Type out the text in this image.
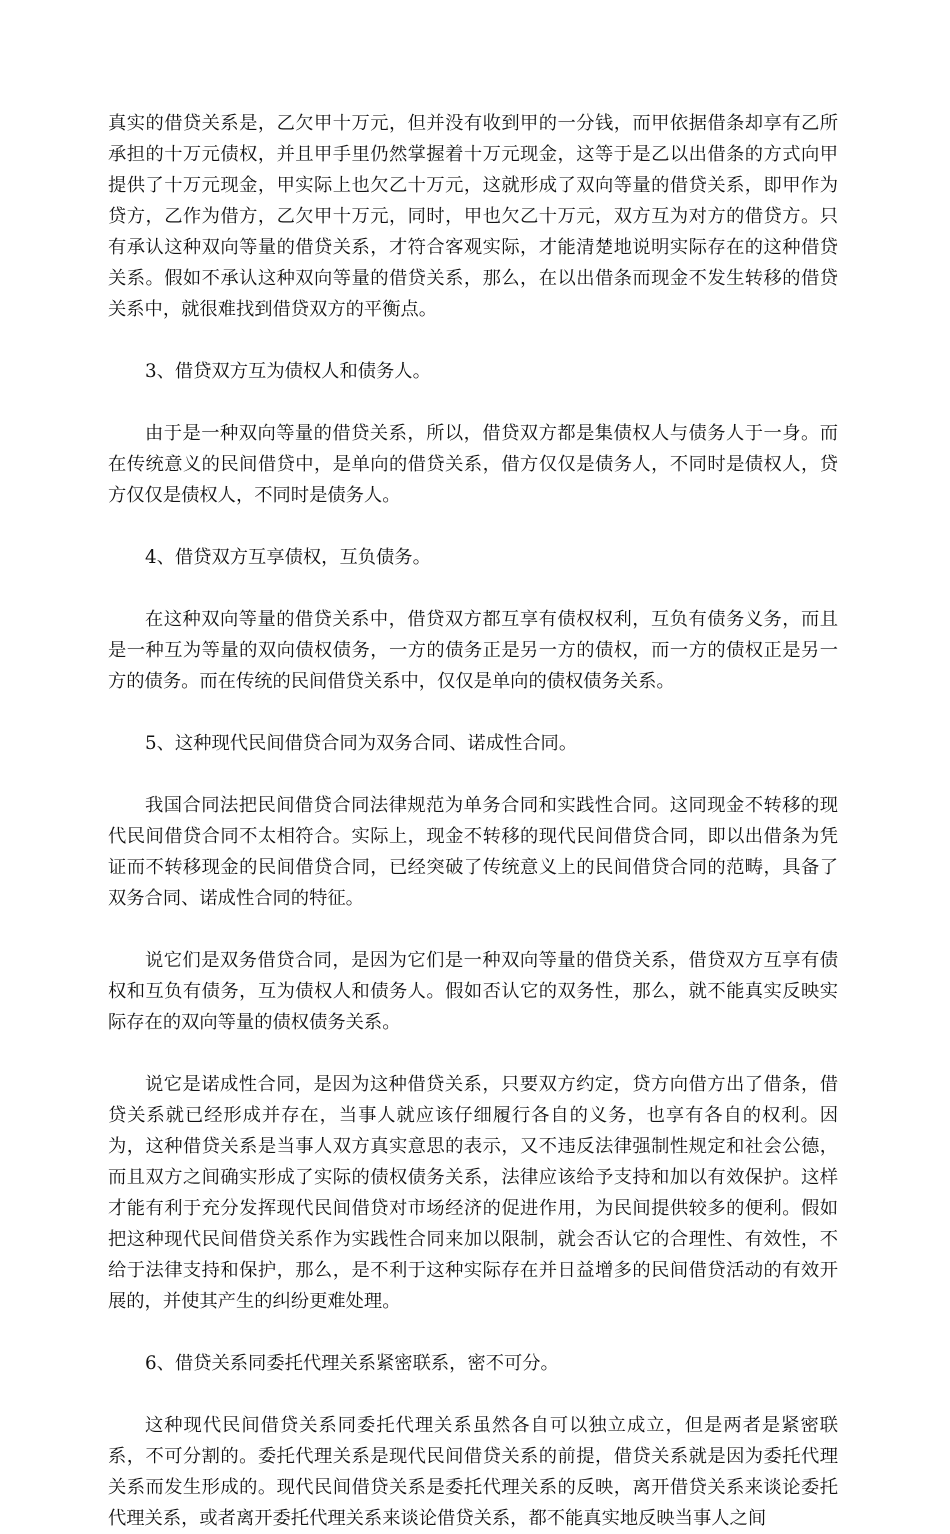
真实的借贷关系是，乙欠甲十万元，但并没有收到甲的一分钱，而甲依据借条却享有乙所承担的十万元债权，并且甲手里仍然掌握着十万元现金，这等于是乙以出借条的方式向甲提供了十万元现金，甲实际上也欠乙十万元，这就形成了双向等量的借贷关系，即甲作为贷方，乙作为借方，乙欠甲十万元，同时，甲也欠乙十万元，双方互为对方的借贷方。只有承认这种双向等量的借贷关系，才符合客观实际，才能清楚地说明实际存在的这种借贷关系。假如不承认这种双向等量的借贷关系，那么，在以出借条而现金不发生转移的借贷关系中，就很难找到借贷双方的平衡点。

3、借贷双方互为债权人和债务人。

由于是一种双向等量的借贷关系，所以，借贷双方都是集债权人与债务人于一身。而在传统意义的民间借贷中，是单向的借贷关系，借方仅仅是债务人，不同时是债权人，贷方仅仅是债权人，不同时是债务人。

4、借贷双方互享债权，互负债务。

在这种双向等量的借贷关系中，借贷双方都互享有债权权利，互负有债务义务，而且是一种互为等量的双向债权债务，一方的债务正是另一方的债权，而一方的债权正是另一方的债务。而在传统的民间借贷关系中，仅仅是单向的债权债务关系。

5、这种现代民间借贷合同为双务合同、诺成性合同。

我国合同法把民间借贷合同法律规范为单务合同和实践性合同。这同现金不转移的现代民间借贷合同不太相符合。实际上，现金不转移的现代民间借贷合同，即以出借条为凭证而不转移现金的民间借贷合同，已经突破了传统意义上的民间借贷合同的范畴，具备了双务合同、诺成性合同的特征。

说它们是双务借贷合同，是因为它们是一种双向等量的借贷关系，借贷双方互享有债权和互负有债务，互为债权人和债务人。假如否认它的双务性，那么，就不能真实反映实际存在的双向等量的债权债务关系。

说它是诺成性合同，是因为这种借贷关系，只要双方约定，贷方向借方出了借条，借贷关系就已经形成并存在，当事人就应该仔细履行各自的义务，也享有各自的权利。因为，这种借贷关系是当事人双方真实意思的表示，又不违反法律强制性规定和社会公德，而且双方之间确实形成了实际的债权债务关系，法律应该给予支持和加以有效保护。这样才能有利于充分发挥现代民间借贷对市场经济的促进作用，为民间提供较多的便利。假如把这种现代民间借贷关系作为实践性合同来加以限制，就会否认它的合理性、有效性，不给于法律支持和保护，那么，是不利于这种实际存在并日益增多的民间借贷活动的有效开展的，并使其产生的纠纷更难处理。

6、借贷关系同委托代理关系紧密联系，密不可分。

这种现代民间借贷关系同委托代理关系虽然各自可以独立成立，但是两者是紧密联系，不可分割的。委托代理关系是现代民间借贷关系的前提，借贷关系就是因为委托代理关系而发生形成的。现代民间借贷关系是委托代理关系的反映，离开借贷关系来谈论委托代理关系，或者离开委托代理关系来谈论借贷关系，都不能真实地反映当事人之间
